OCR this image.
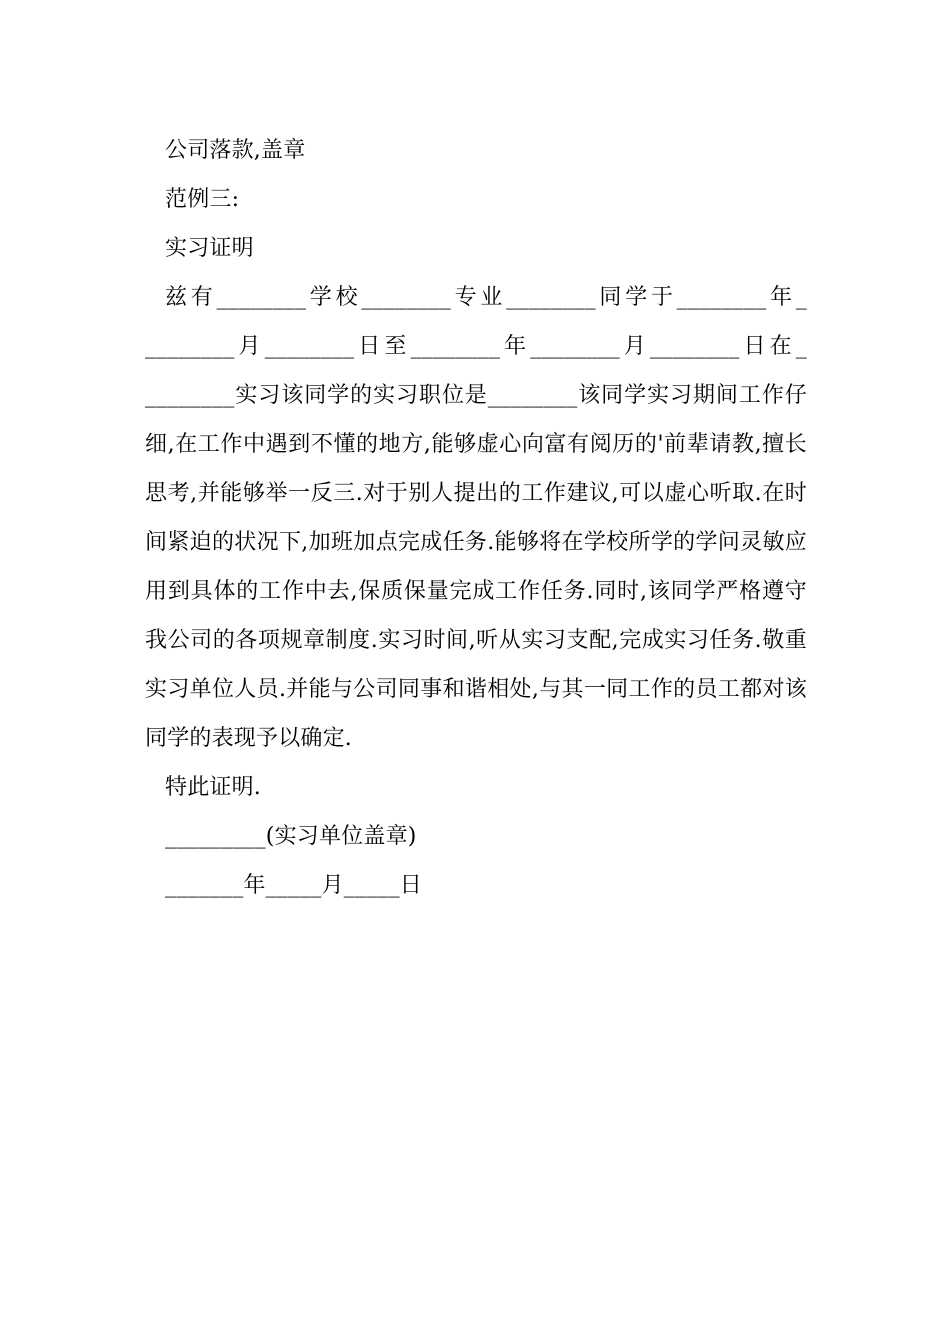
公司落款,盖章
范例三:
实习证明
兹有________学校________专业________同学于________年_
________月________日至________年________月________日在_
________实习该同学的实习职位是________该同学实习期间工作仔
细,在工作中遇到不懂的地方,能够虚心向富有阅历的'前辈请教,擅长
思考,并能够举一反三.对于别人提出的工作建议,可以虚心听取.在时
间紧迫的状况下,加班加点完成任务.能够将在学校所学的学问灵敏应
用到具体的工作中去,保质保量完成工作任务.同时,该同学严格遵守
我公司的各项规章制度.实习时间,听从实习支配,完成实习任务.敬重
实习单位人员.并能与公司同事和谐相处,与其一同工作的员工都对该
同学的表现予以确定.
特此证明.
_________(实习单位盖章)
_______年_____月_____日
